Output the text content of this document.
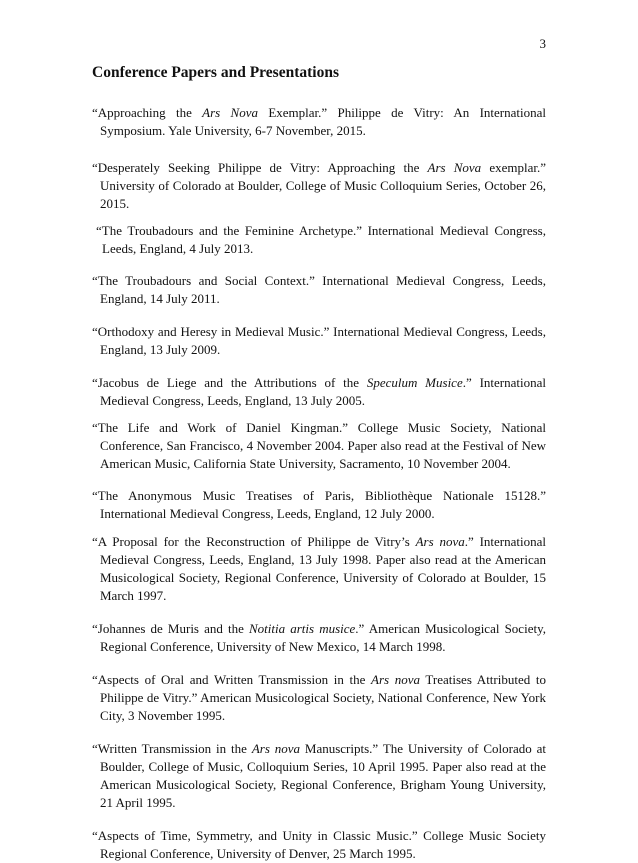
3
Conference Papers and Presentations

“Approaching the Ars Nova Exemplar.” Philippe de Vitry: An International Symposium. Yale University, 6-7 November, 2015.

“Desperately Seeking Philippe de Vitry: Approaching the Ars Nova exemplar.” University of Colorado at Boulder, College of Music Colloquium Series, October 26, 2015.

“The Troubadours and the Feminine Archetype.” International Medieval Congress, Leeds, England, 4 July 2013.

“The Troubadours and Social Context.” International Medieval Congress, Leeds, England, 14 July 2011.

“Orthodoxy and Heresy in Medieval Music.” International Medieval Congress, Leeds, England, 13 July 2009.

“Jacobus de Liege and the Attributions of the Speculum Musice.” International Medieval Congress, Leeds, England, 13 July 2005.

“The Life and Work of Daniel Kingman.” College Music Society, National Conference, San Francisco, 4 November 2004. Paper also read at the Festival of New American Music, California State University, Sacramento, 10 November 2004.

“The Anonymous Music Treatises of Paris, Bibliothèque Nationale 15128.” International Medieval Congress, Leeds, England, 12 July 2000.

“A Proposal for the Reconstruction of Philippe de Vitry’s Ars nova.” International Medieval Congress, Leeds, England, 13 July 1998. Paper also read at the American Musicological Society, Regional Conference, University of Colorado at Boulder, 15 March 1997.

“Johannes de Muris and the Notitia artis musice.” American Musicological Society, Regional Conference, University of New Mexico, 14 March 1998.

“Aspects of Oral and Written Transmission in the Ars nova Treatises Attributed to Philippe de Vitry.” American Musicological Society, National Conference, New York City, 3 November 1995.

“Written Transmission in the Ars nova Manuscripts.” The University of Colorado at Boulder, College of Music, Colloquium Series, 10 April 1995. Paper also read at the American Musicological Society, Regional Conference, Brigham Young University, 21 April 1995.

“Aspects of Time, Symmetry, and Unity in Classic Music.” College Music Society Regional Conference, University of Denver, 25 March 1995.
